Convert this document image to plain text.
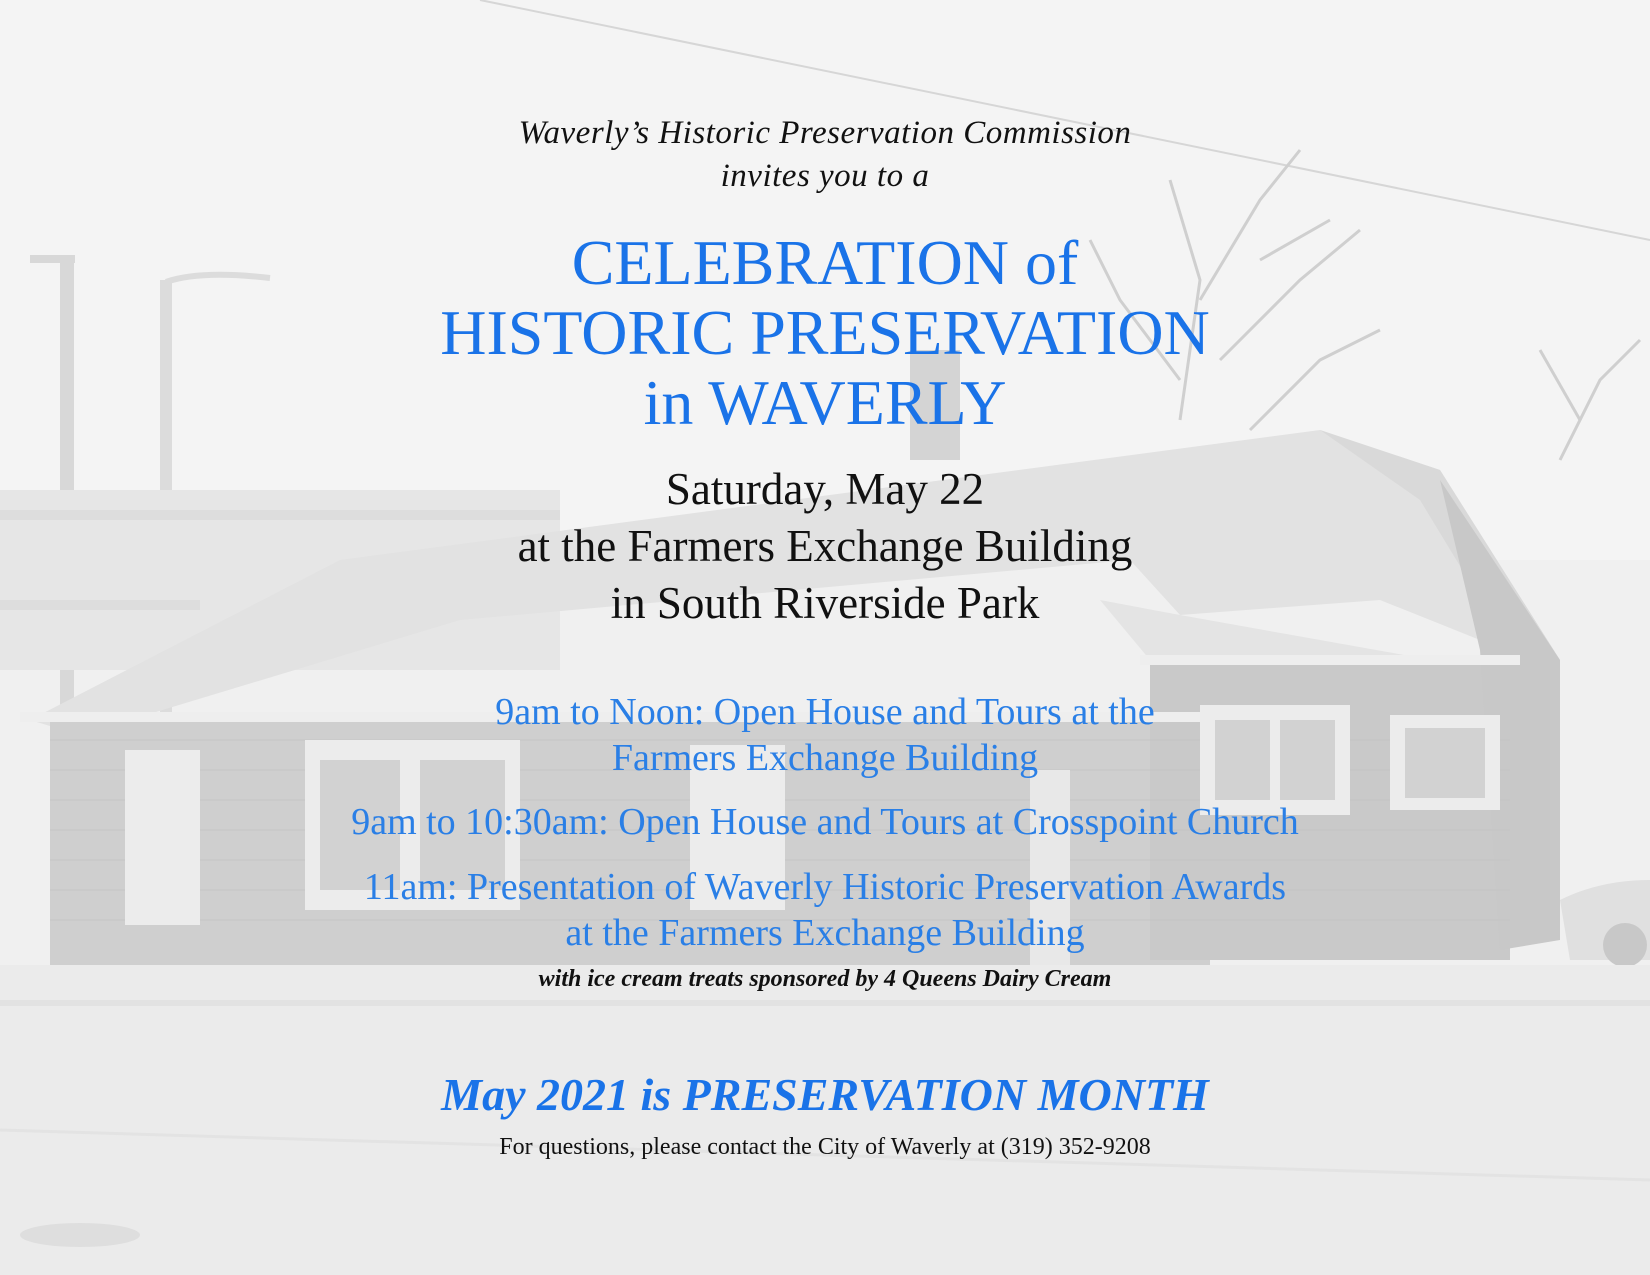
Waverly’s Historic Preservation Commission
invites you to a
CELEBRATION of
HISTORIC PRESERVATION
in WAVERLY
Saturday, May 22
at the Farmers Exchange Building
in South Riverside Park
9am to Noon: Open House and Tours at the
Farmers Exchange Building
9am to 10:30am: Open House and Tours at Crosspoint Church
11am: Presentation of Waverly Historic Preservation Awards
at the Farmers Exchange Building
with ice cream treats sponsored by 4 Queens Dairy Cream
May 2021 is PRESERVATION MONTH
For questions, please contact the City of Waverly at (319) 352-9208
